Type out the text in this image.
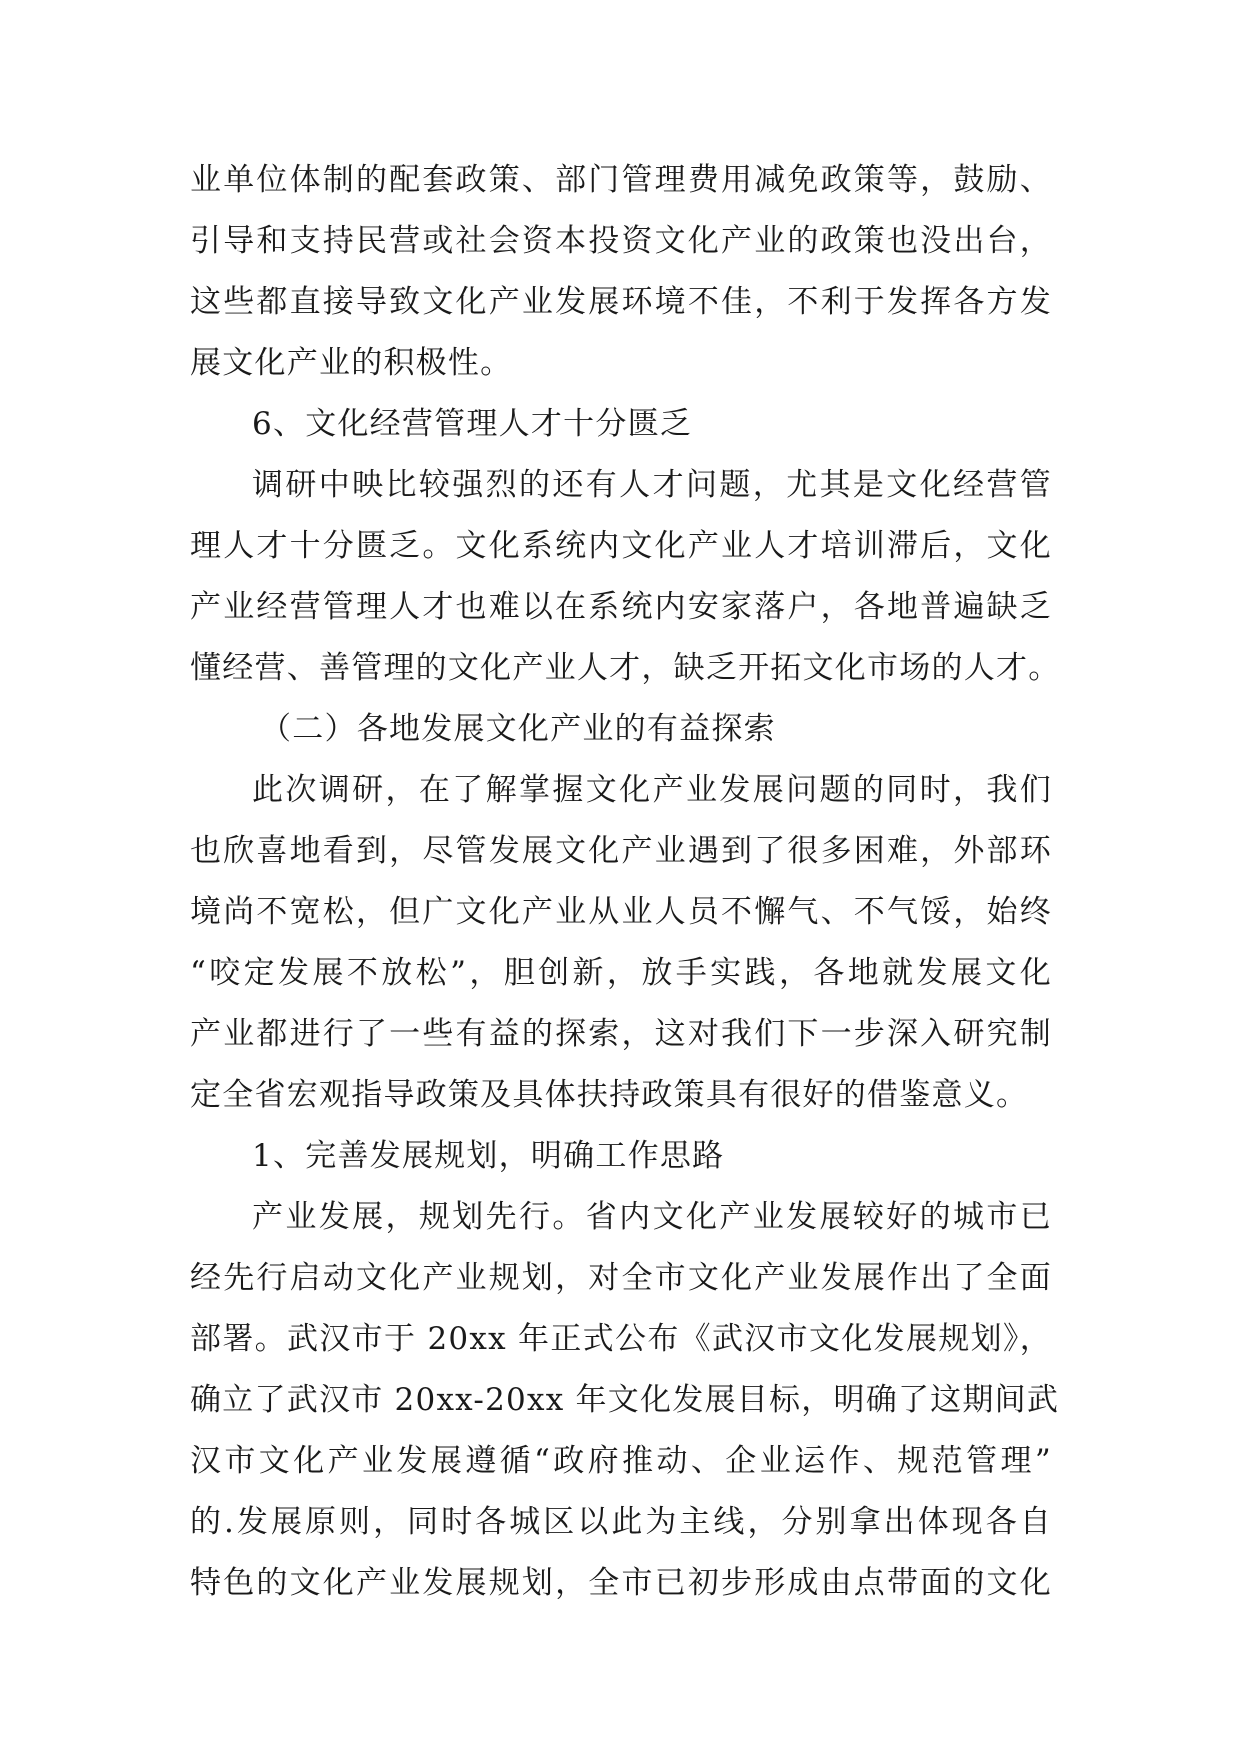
业单位体制的配套政策、部门管理费用减免政策等，鼓励、
引导和支持民营或社会资本投资文化产业的政策也没出台，
这些都直接导致文化产业发展环境不佳，不利于发挥各方发
展文化产业的积极性。
6、文化经营管理人才十分匮乏
调研中映比较强烈的还有人才问题，尤其是文化经营管
理人才十分匮乏。文化系统内文化产业人才培训滞后，文化
产业经营管理人才也难以在系统内安家落户，各地普遍缺乏
懂经营、善管理的文化产业人才，缺乏开拓文化市场的人才。
（二）各地发展文化产业的有益探索
此次调研，在了解掌握文化产业发展问题的同时，我们
也欣喜地看到，尽管发展文化产业遇到了很多困难，外部环
境尚不宽松，但广文化产业从业人员不懈气、不气馁，始终
“咬定发展不放松”，胆创新，放手实践，各地就发展文化
产业都进行了一些有益的探索，这对我们下一步深入研究制
定全省宏观指导政策及具体扶持政策具有很好的借鉴意义。
1、完善发展规划，明确工作思路
产业发展，规划先行。省内文化产业发展较好的城市已
经先行启动文化产业规划，对全市文化产业发展作出了全面
部署。武汉市于 20xx 年正式公布《武汉市文化发展规划》，
确立了武汉市 20xx-20xx 年文化发展目标，明确了这期间武
汉市文化产业发展遵循“政府推动、企业运作、规范管理”
的.发展原则，同时各城区以此为主线，分别拿出体现各自
特色的文化产业发展规划，全市已初步形成由点带面的文化
